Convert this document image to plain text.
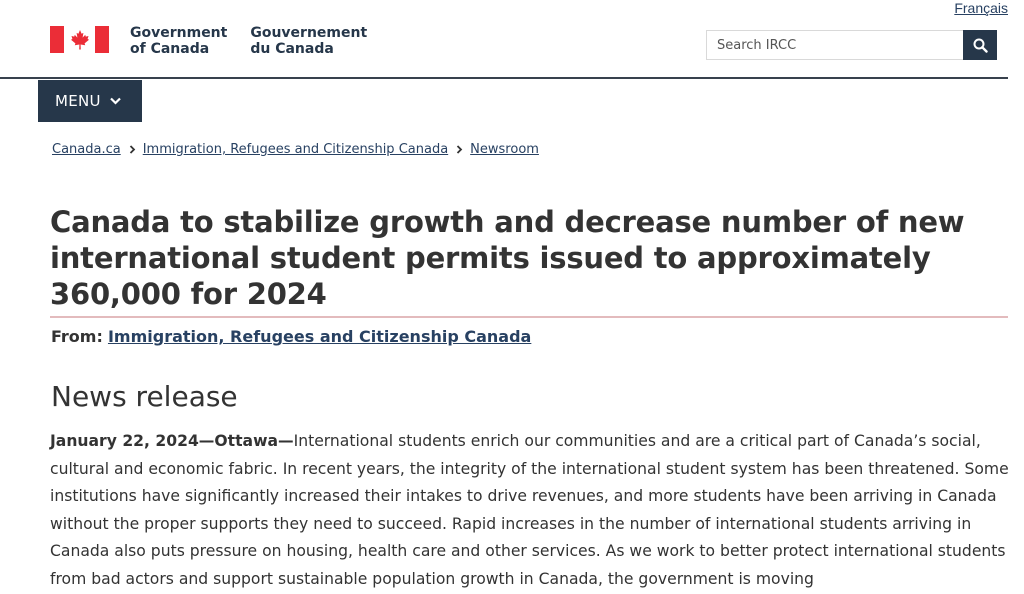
Français
Government
of Canada
Gouvernement
du Canada
Search IRCC
MENU
Canada.ca Immigration, Refugees and Citizenship Canada Newsroom
Canada to stabilize growth and decrease number of new international student permits issued to approximately 360,000 for 2024
From: Immigration, Refugees and Citizenship Canada
News release

January 22, 2024—Ottawa—International students enrich our communities and are a critical part of Canada’s social, cultural and economic fabric. In recent years, the integrity of the international student system has been threatened. Some institutions have significantly increased their intakes to drive revenues, and more students have been arriving in Canada without the proper supports they need to succeed. Rapid increases in the number of international students arriving in Canada also puts pressure on housing, health care and other services. As we work to better protect international students from bad actors and support sustainable population growth in Canada, the government is moving
